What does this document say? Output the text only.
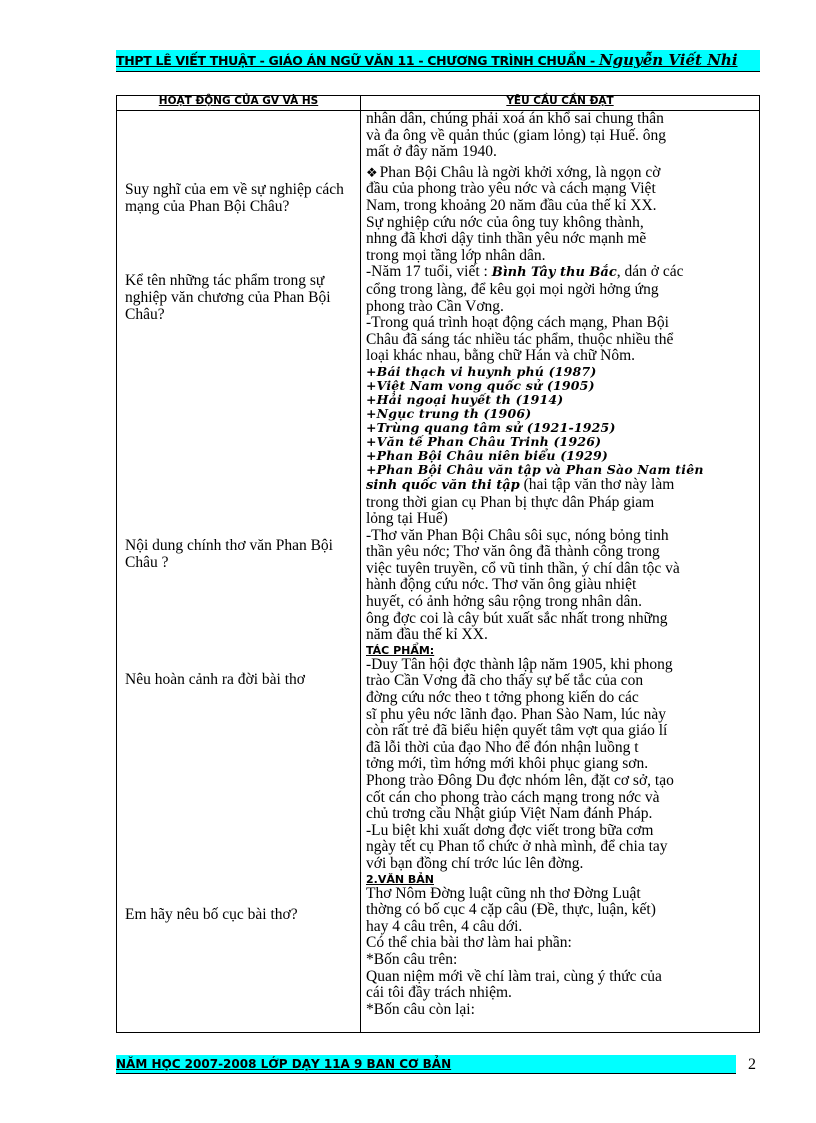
THPT LÊ VIẾT THUẬT - GIÁO ÁN NGỮ VĂN 11 - CHƯƠNG TRÌNH CHUẨN - Nguyễn Viết Nhi
HOẠT ĐỘNG CỦA GV VÀ HS	YÊU CẦU CẦN ĐẠT
Suy nghĩ của em về sự nghiệp cách mạng của Phan Bội Châu?
Kể tên những tác phẩm trong sự nghiệp văn chương của Phan Bội Châu?
Nội dung chính thơ văn Phan Bội Châu ?
Nêu hoàn cảnh ra đời bài thơ
Em hãy nêu bố cục bài thơ?
nhân dân, chúng phải xoá án khổ sai chung thân
và đa ông về quản thúc (giam lỏng) tại Huế. ông
mất ở đây năm 1940.
❖ Phan Bội Châu là ngời khởi xớng, là ngọn cờ
đầu của phong trào yêu nớc và cách mạng Việt
Nam, trong khoảng 20 năm đầu của thế kỉ XX.
Sự nghiệp cứu nớc của ông tuy không thành,
nhng đã khơi dậy tinh thần yêu nớc mạnh mẽ
trong mọi tầng lớp nhân dân.
-Năm 17 tuổi, viết : Bình Tây thu Bắc, dán ở các
cổng trong làng, để kêu gọi mọi ngời hởng ứng
phong trào Cần Vơng.
-Trong quá trình hoạt động cách mạng, Phan Bội
Châu đã sáng tác nhiều tác phẩm, thuộc nhiều thể
loại khác nhau, bằng chữ Hán và chữ Nôm.
+Bái thạch vi huynh phú (1987)
+Việt Nam vong quốc sử (1905)
+Hải ngoại huyết th (1914)
+Ngục trung th (1906)
+Trùng quang tâm sử (1921-1925)
+Văn tế Phan Châu Trinh (1926)
+Phan Bội Châu niên biểu (1929)
+Phan Bội Châu văn tập và Phan Sào Nam tiên
sinh quốc văn thi tập (hai tập văn thơ này làm
trong thời gian cụ Phan bị thực dân Pháp giam
lỏng tại Huế)
-Thơ văn Phan Bội Châu sôi sục, nóng bỏng tinh
thần yêu nớc; Thơ văn ông đã thành công trong
việc tuyên truyền, cổ vũ tinh thần, ý chí dân tộc và
hành động cứu nớc. Thơ văn ông giàu nhiệt
huyết, có ảnh hởng sâu rộng trong nhân dân.
ông đợc coi là cây bút xuất sắc nhất trong những
năm đầu thế kỉ XX.
TÁC PHẨM:
-Duy Tân hội đợc thành lập năm 1905, khi phong
trào Cần Vơng đã cho thấy sự bế tắc của con
đờng cứu nớc theo t tởng phong kiến do các
sĩ phu yêu nớc lãnh đạo. Phan Sào Nam, lúc này
còn rất trẻ đã biểu hiện quyết tâm vợt qua giáo lí
đã lỗi thời của đạo Nho để đón nhận luồng t
tởng mới, tìm hớng mới khôi phục giang sơn.
Phong trào Đông Du đợc nhóm lên, đặt cơ sở, tạo
cốt cán cho phong trào cách mạng trong nớc và
chủ trơng cầu Nhật giúp Việt Nam đánh Pháp.
-Lu biệt khi xuất dơng đợc viết trong bữa cơm
ngày tết cụ Phan tổ chức ở nhà mình, để chia tay
với bạn đồng chí trớc lúc lên đờng.
2.VĂN BẢN
Thơ Nôm Đờng luật cũng nh thơ Đờng Luật
thờng có bố cục 4 cặp câu (Đề, thực, luận, kết)
hay 4 câu trên, 4 câu dới.
Có thể chia bài thơ làm hai phần:
*Bốn câu trên:
Quan niệm mới về chí làm trai, cùng ý thức của
cái tôi đầy trách nhiệm.
*Bốn câu còn lại:
NĂM HỌC 2007-2008 LỚP DẠY 11A 9 BAN CƠ BẢN	2
